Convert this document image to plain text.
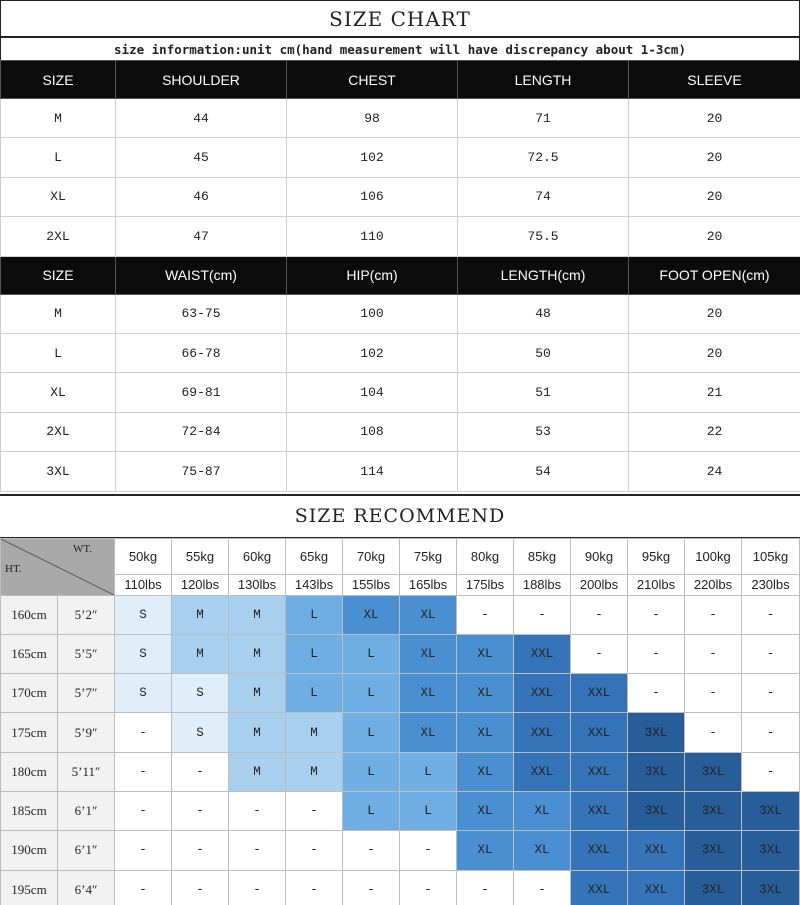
SIZE CHART
size information:unit cm(hand measurement will have discrepancy about 1-3cm)
SIZE	SHOULDER	CHEST	LENGTH	SLEEVE
M	44	98	71	20
L	45	102	72.5	20
XL	46	106	74	20
2XL	47	110	75.5	20
SIZE	WAIST(cm)	HIP(cm)	LENGTH(cm)	FOOT OPEN(cm)
M	63-75	100	48	20
L	66-78	102	50	20
XL	69-81	104	51	21
2XL	72-84	108	53	22
3XL	75-87	114	54	24
SIZE RECOMMEND
WT.
HT.		50kg	55kg	60kg	65kg	70kg	75kg	80kg	85kg	90kg	95kg	100kg	105kg
		110lbs	120lbs	130lbs	143lbs	155lbs	165lbs	175lbs	188lbs	200lbs	210lbs	220lbs	230lbs
160cm	5’2″	S	M	M	L	XL	XL	-	-	-	-	-	-
165cm	5’5″	S	M	M	L	L	XL	XL	XXL	-	-	-	-
170cm	5’7″	S	S	M	L	L	XL	XL	XXL	XXL	-	-	-
175cm	5’9″	-	S	M	M	L	XL	XL	XXL	XXL	3XL	-	-
180cm	5’11″	-	-	M	M	L	L	XL	XXL	XXL	3XL	3XL	-
185cm	6’1″	-	-	-	-	L	L	XL	XL	XXL	3XL	3XL	3XL
190cm	6’1″	-	-	-	-	-	-	XL	XL	XXL	XXL	3XL	3XL
195cm	6’4″	-	-	-	-	-	-	-	-	XXL	XXL	3XL	3XL
